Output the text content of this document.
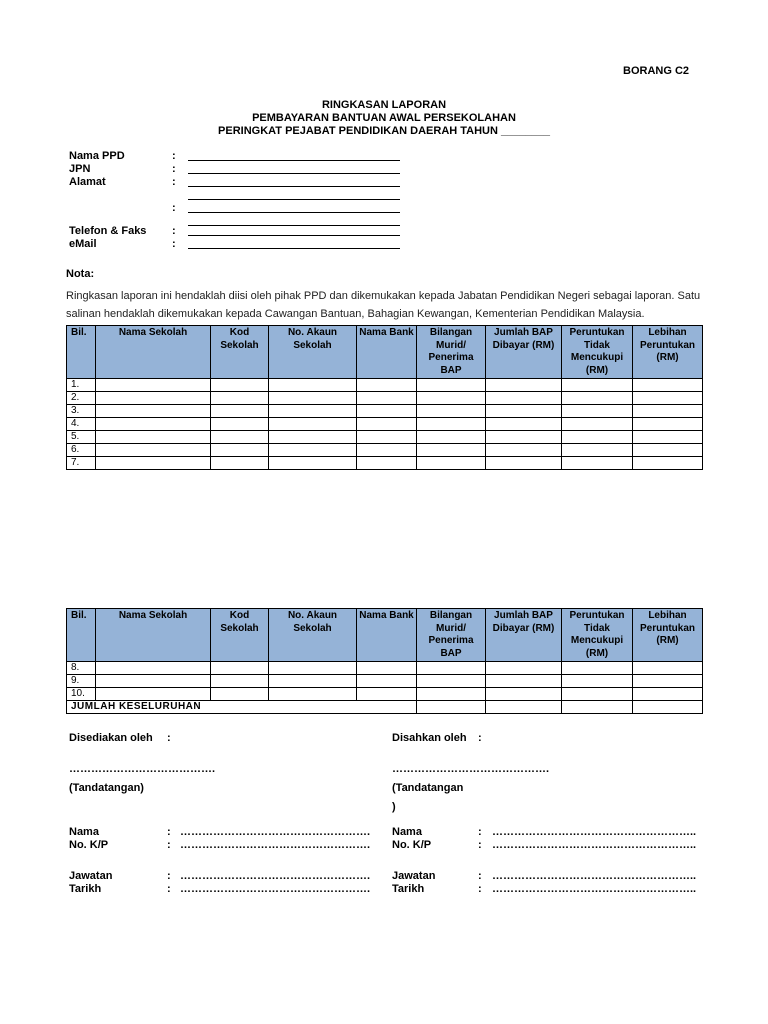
BORANG C2
RINGKASAN LAPORAN
PEMBAYARAN BANTUAN AWAL PERSEKOLAHAN
PERINGKAT PEJABAT PENDIDIKAN DAERAH TAHUN ________
Nama PPD	:
JPN	:
Alamat	:
:
Telefon & Faks :
eMail	:
Nota:
Ringkasan laporan ini hendaklah diisi oleh pihak PPD dan dikemukakan kepada Jabatan Pendidikan Negeri sebagai laporan. Satu salinan hendaklah dikemukakan kepada Cawangan Bantuan, Bahagian Kewangan, Kementerian Pendidikan Malaysia.
Bil.	Nama Sekolah	Kod Sekolah	No. Akaun Sekolah	Nama Bank	Bilangan Murid/ Penerima BAP	Jumlah BAP Dibayar (RM)	Peruntukan Tidak Mencukupi (RM)	Lebihan Peruntukan (RM)
1.								
2.								
3.								
4.								
5.								
6.								
7.								
Bil.	Nama Sekolah	Kod Sekolah	No. Akaun Sekolah	Nama Bank	Bilangan Murid/ Penerima BAP	Jumlah BAP Dibayar (RM)	Peruntukan Tidak Mencukupi (RM)	Lebihan Peruntukan (RM)
8.								
9.								
10.								
JUMLAH KESELURUHAN								
Disediakan oleh :	Disahkan oleh :
………………………………….	…………………………………….
(Tandatangan)	(Tandatangan
)
Nama	: …………………………………………….
No. K/P	: …………………………………………….
Nama	: ………………………………………………..
No. K/P	: ………………………………………………..
Jawatan	: …………………………………………….
Tarikh	: …………………………………………….
Jawatan	: ………………………………………………..
Tarikh	: ………………………………………………..
